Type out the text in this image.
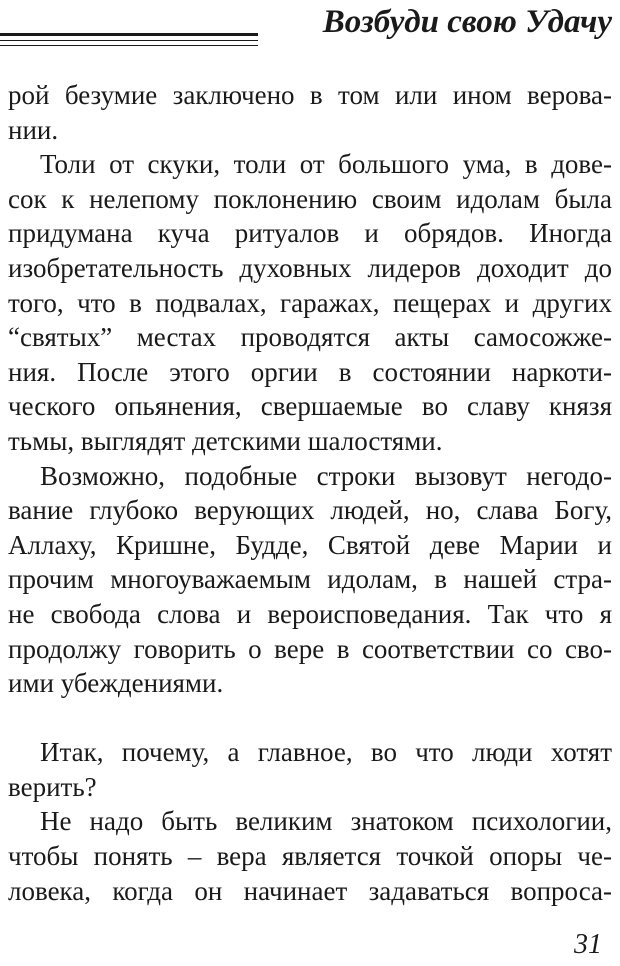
Возбуди свою Удачу
рой безумие заключено в том или ином верова-
нии.
Толи от скуки, толи от большого ума, в дове-
сок к нелепому поклонению своим идолам была
придумана куча ритуалов и обрядов. Иногда
изобретательность духовных лидеров доходит до
того, что в подвалах, гаражах, пещерах и других
“святых” местах проводятся акты самосожже-
ния. После этого оргии в состоянии наркоти-
ческого опьянения, свершаемые во славу князя
тьмы, выглядят детскими шалостями.
Возможно, подобные строки вызовут негодо-
вание глубоко верующих людей, но, слава Богу,
Аллаху, Кришне, Будде, Святой деве Марии и
прочим многоуважаемым идолам, в нашей стра-
не свобода слова и вероисповедания. Так что я
продолжу говорить о вере в соответствии со сво-
ими убеждениями.
Итак, почему, а главное, во что люди хотят
верить?
Не надо быть великим знатоком психологии,
чтобы понять – вера является точкой опоры че-
ловека, когда он начинает задаваться вопроса-
31
